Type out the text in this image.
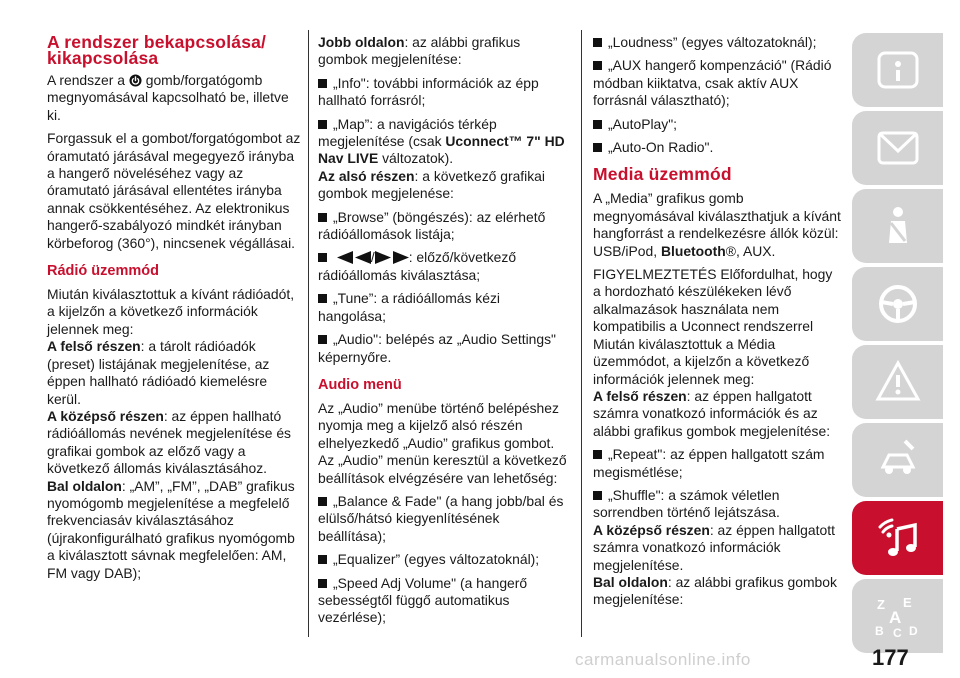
A rendszer bekapcsolása/ kikapcsolása

A rendszer a gomb/forgatógomb megnyomásával kapcsolható be, illetve ki.

Forgassuk el a gombot/forgatógombot az óramutató járásával megegyező irányba a hangerő növeléséhez vagy az óramutató járásával ellentétes irányba annak csökkentéséhez. Az elektronikus hangerő-szabályozó mindkét irányban körbeforog (360°), nincsenek végállásai.

Rádió üzemmód

Miután kiválasztottuk a kívánt rádióadót, a kijelzőn a következő információk jelennek meg:

A felső részen: a tárolt rádióadók (preset) listájának megjelenítése, az éppen hallható rádióadó kiemelésre kerül.

A középső részen: az éppen hallható rádióállomás nevének megjelenítése és grafikai gombok az előző vagy a következő állomás kiválasztásához.

Bal oldalon: „AM”, „FM”, „DAB” grafikus nyomógomb megjelenítése a megfelelő frekvenciasáv kiválasztásához (újrakonfigurálható grafikus nyomógomb a kiválasztott sávnak megfelelően: AM, FM vagy DAB);

Jobb oldalon: az alábbi grafikus gombok megjelenítése:

„Info": további információk az épp hallható forrásról;
„Map”: a navigációs térkép megjelenítése (csak Uconnect™ 7" HD Nav LIVE változatok).

Az alsó részen: a következő grafikai gombok megjelenése:

„Browse” (böngészés): az elérhető rádióállomások listája;
/ : előző/következő rádióállomás kiválasztása;
„Tune”: a rádióállomás kézi hangolása;
„Audio": belépés az „Audio Settings" képernyőre.
Audio menü

Az „Audio” menübe történő belépéshez nyomja meg a kijelző alsó részén elhelyezkedő „Audio” grafikus gombot. Az „Audio” menün keresztül a következő beállítások elvégzésére van lehetőség:

„Balance & Fade" (a hang jobb/bal és elülső/hátsó kiegyenlítésének beállítása);
„Equalizer” (egyes változatoknál);
„Speed Adj Volume" (a hangerő sebességtől függő automatikus vezérlése);
„Loudness” (egyes változatoknál);
„AUX hangerő kompenzáció" (Rádió módban kiiktatva, csak aktív AUX forrásnál választható);
„AutoPlay";
„Auto-On Radio".
Media üzemmód

A „Media” grafikus gomb megnyomásával kiválaszthatjuk a kívánt hangforrást a rendelkezésre állók közül: USB/iPod, Bluetooth®, AUX.

FIGYELMEZTETÉS Előfordulhat, hogy a hordozható készülékeken lévő alkalmazások használata nem kompatibilis a Uconnect rendszerrel Miután kiválasztottuk a Média üzemmódot, a kijelzőn a következő információk jelennek meg:

A felső részen: az éppen hallgatott számra vonatkozó információk és az alábbi grafikus gombok megjelenítése:

„Repeat": az éppen hallgatott szám megismétlése;
„Shuffle": a számok véletlen sorrendben történő lejátszása.

A középső részen: az éppen hallgatott számra vonatkozó információk megjelenítése.

Bal oldalon: az alábbi grafikus gombok megjelenítése:	Z E
A
B C D
177
carmanualsonline.info
